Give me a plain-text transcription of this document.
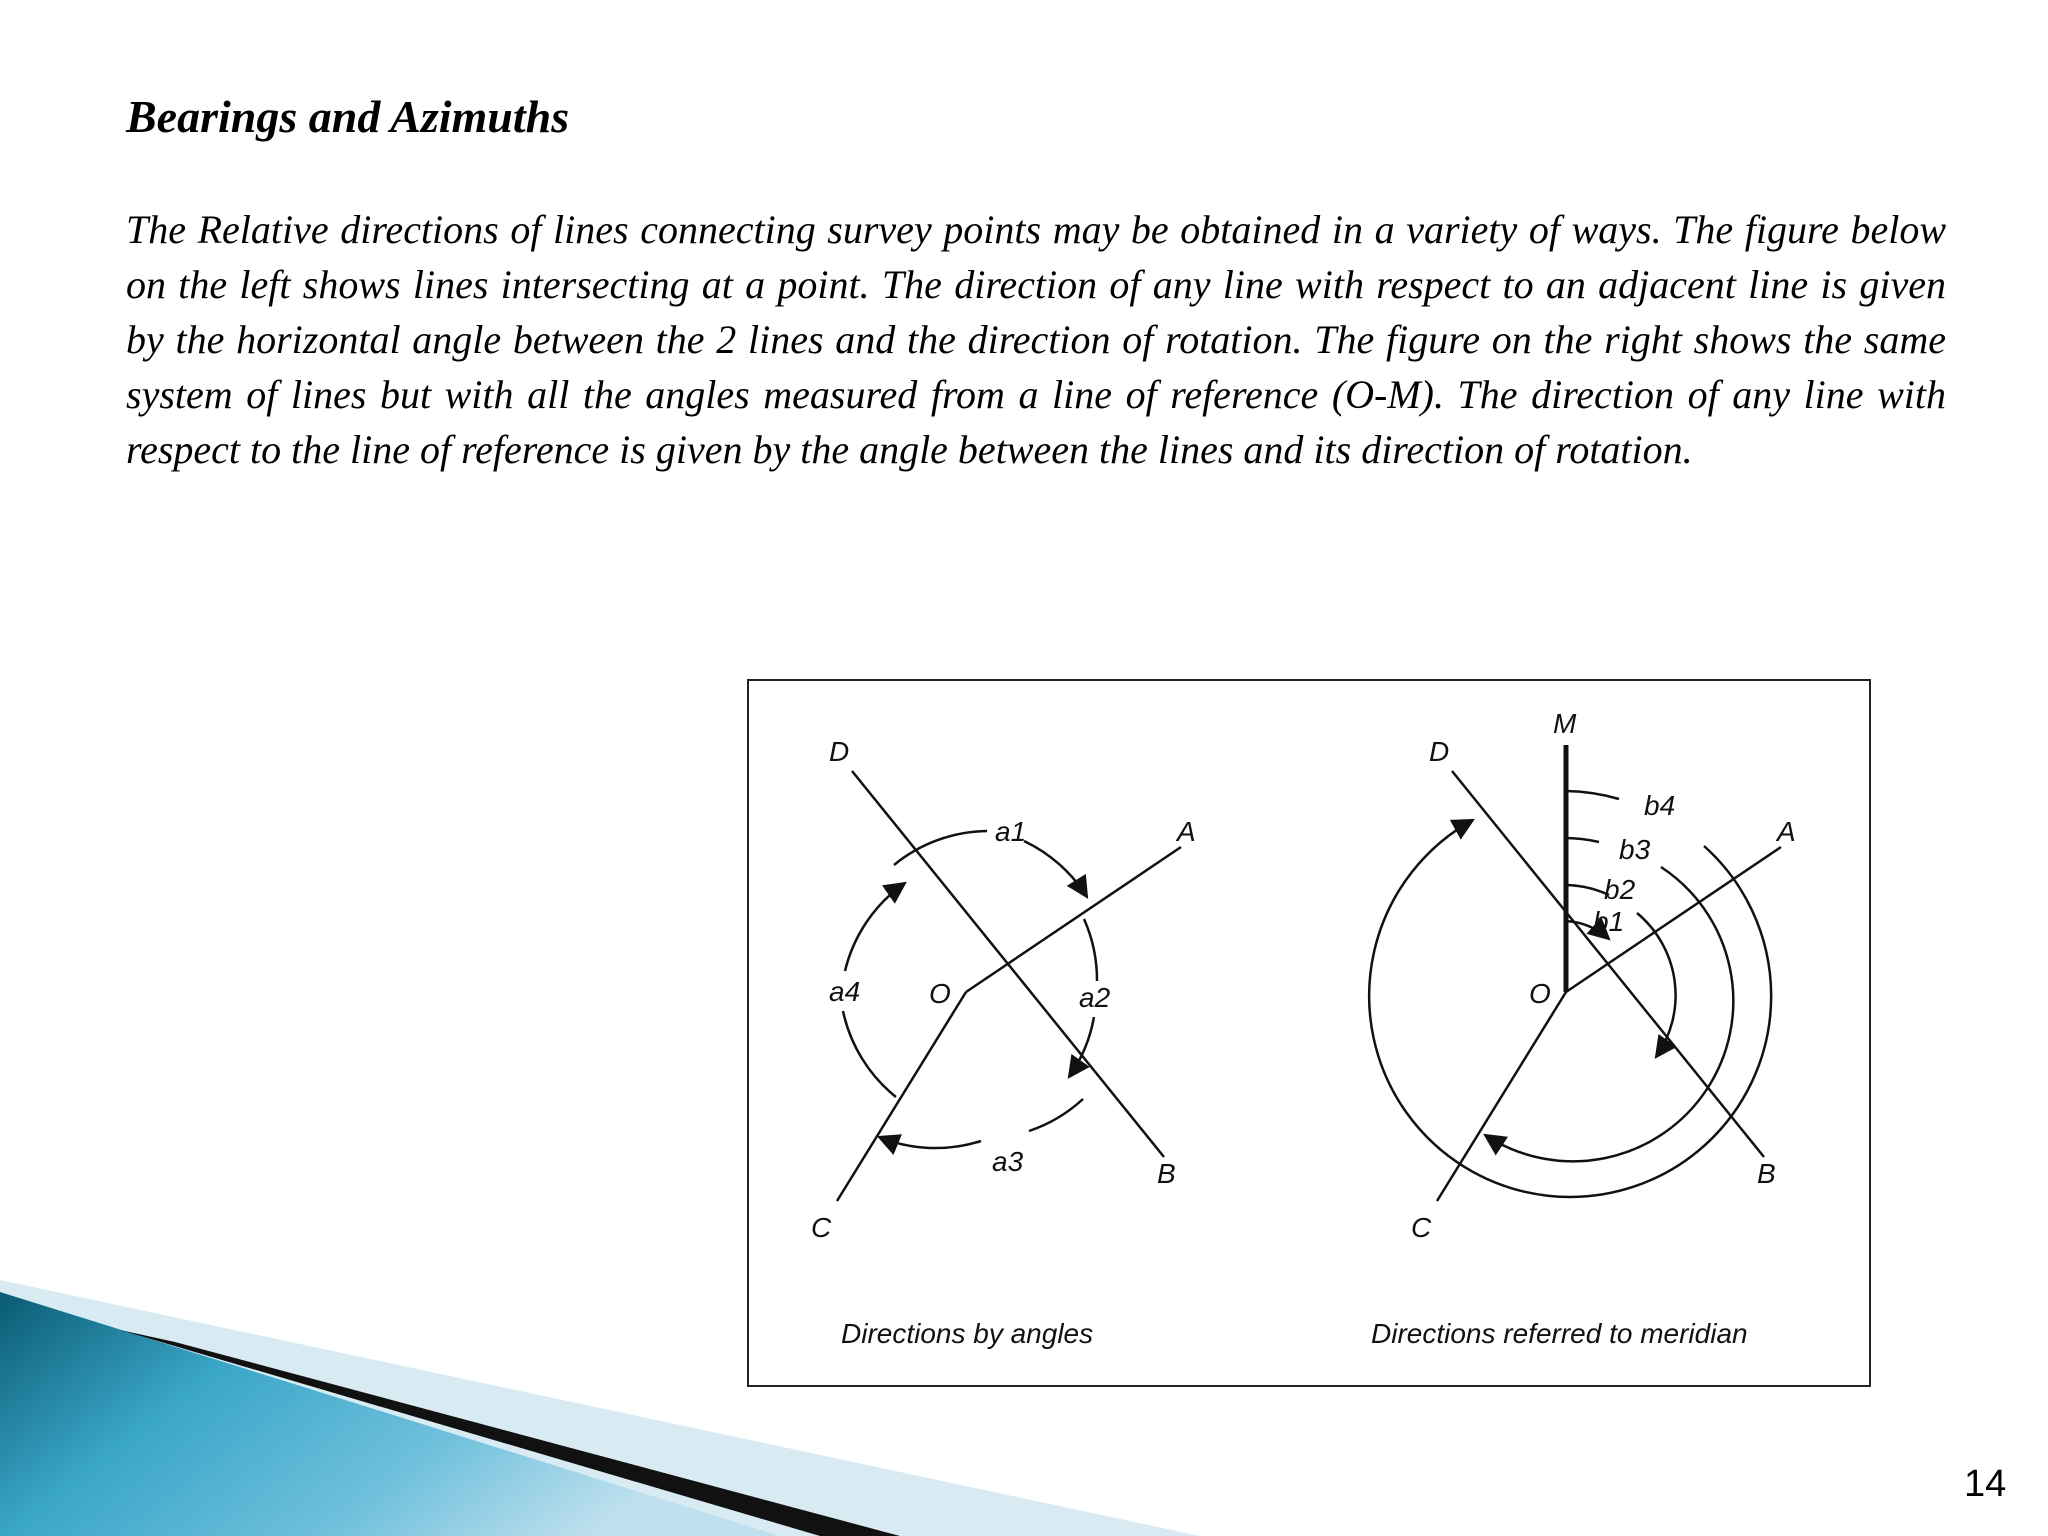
Bearings and Azimuths

The Relative directions of lines connecting survey points may be obtained in a variety of ways. The figure below on the left shows lines intersecting at a point. The direction of any line with respect to an adjacent line is given by the horizontal angle between the 2 lines and the direction of rotation. The figure on the right shows the same system of lines but with all the angles measured from a line of reference (O-M). The direction of any line with respect to the line of reference is given by the angle between the lines and its direction of rotation.

D
A
B
C
O
a1
a2
a3
a4
Directions by angles
M
D
A
B
C
O
b1
b2
b3
b4
Directions referred to meridian
14
